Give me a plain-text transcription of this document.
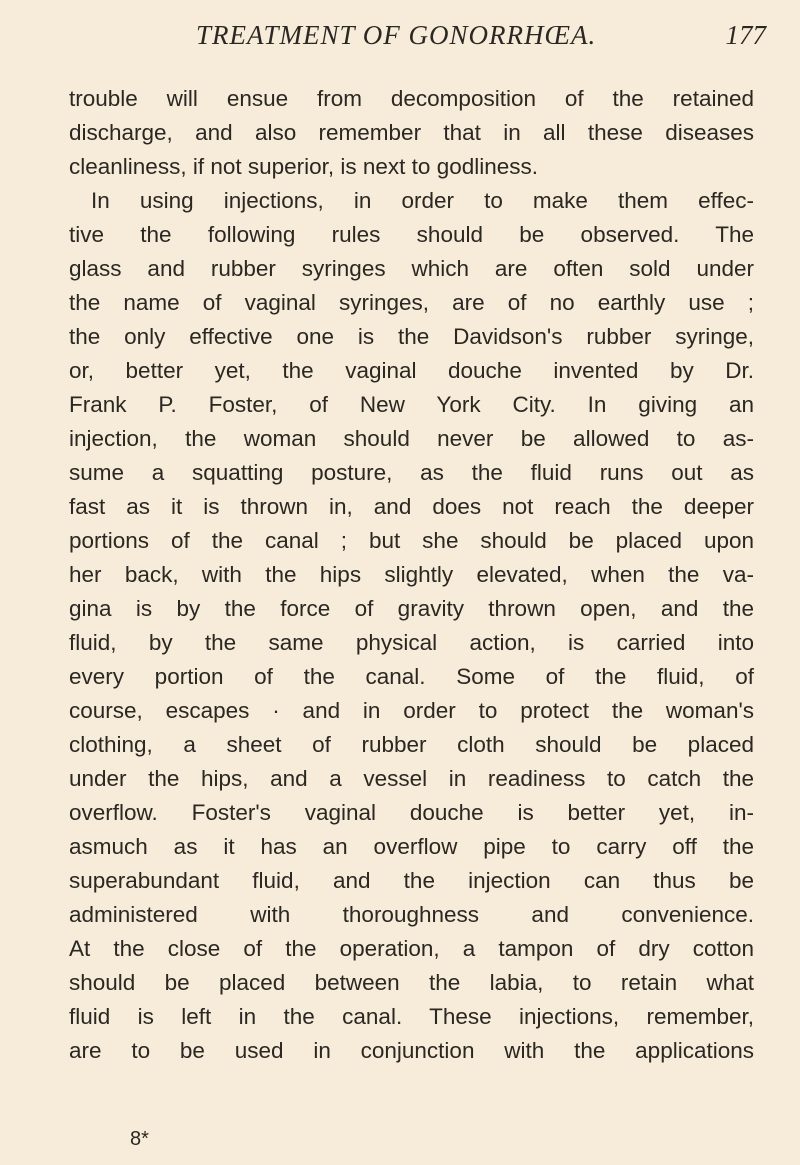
TREATMENT OF GONORRHŒA.	177
trouble will ensue from decomposition of the retained
discharge, and also remember that in all these diseases
cleanliness, if not superior, is next to godliness.
In using injections, in order to make them effec-
tive the following rules should be observed. The
glass and rubber syringes which are often sold under
the name of vaginal syringes, are of no earthly use ;
the only effective one is the Davidson's rubber syringe,
or, better yet, the vaginal douche invented by Dr.
Frank P. Foster, of New York City. In giving an
injection, the woman should never be allowed to as-
sume a squatting posture, as the fluid runs out as
fast as it is thrown in, and does not reach the deeper
portions of the canal ; but she should be placed upon
her back, with the hips slightly elevated, when the va-
gina is by the force of gravity thrown open, and the
fluid, by the same physical action, is carried into
every portion of the canal. Some of the fluid, of
course, escapes · and in order to protect the woman's
clothing, a sheet of rubber cloth should be placed
under the hips, and a vessel in readiness to catch the
overflow. Foster's vaginal douche is better yet, in-
asmuch as it has an overflow pipe to carry off the
superabundant fluid, and the injection can thus be
administered with thoroughness and convenience.
At the close of the operation, a tampon of dry cotton
should be placed between the labia, to retain what
fluid is left in the canal. These injections, remember,
are to be used in conjunction with the applications
8*
